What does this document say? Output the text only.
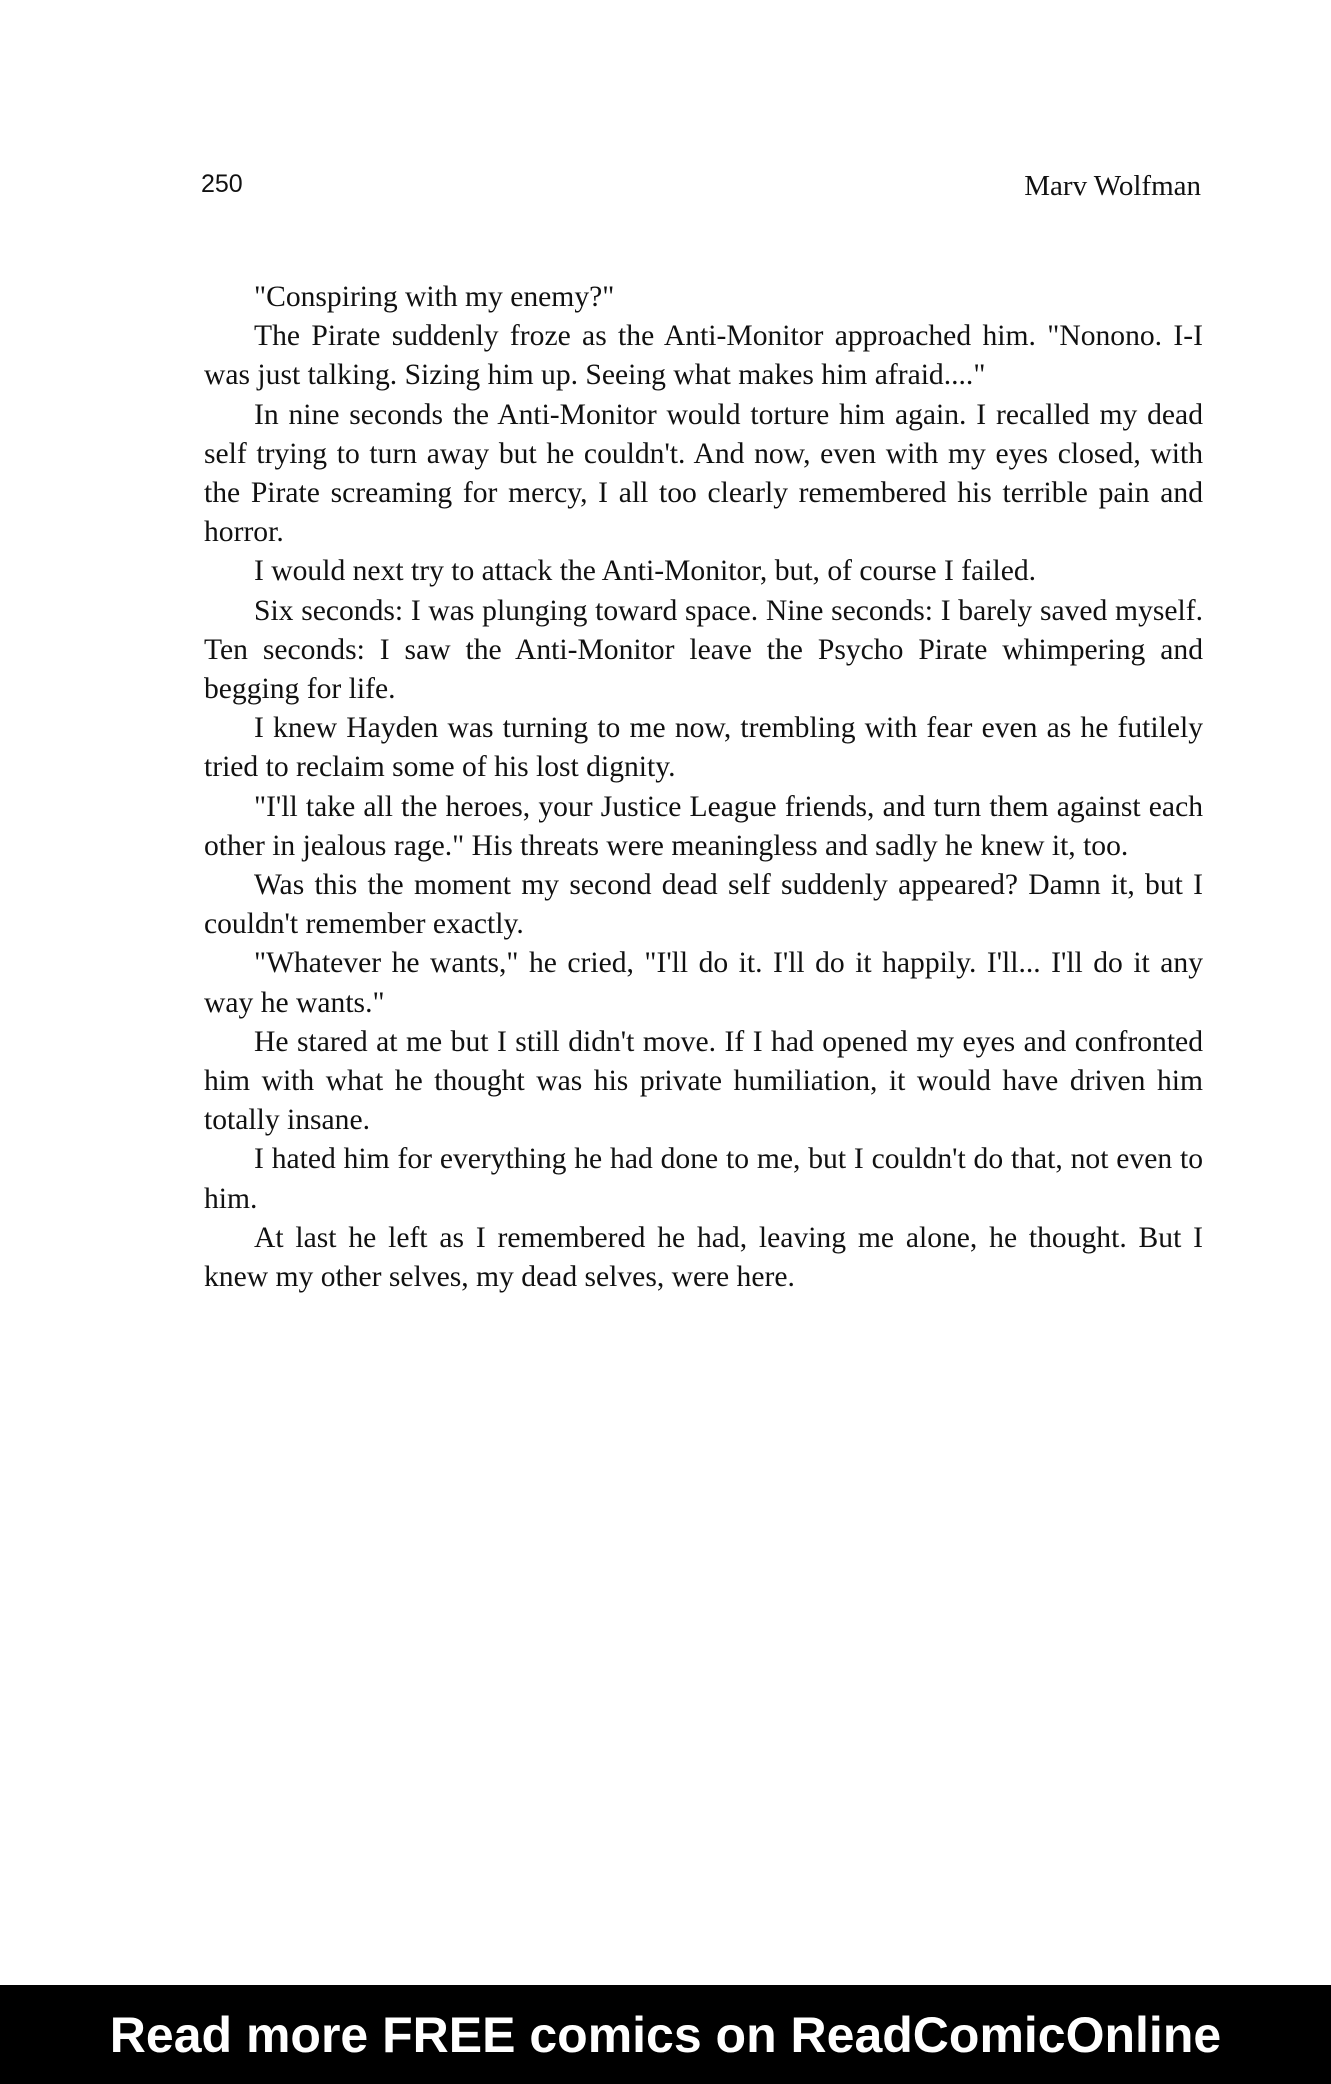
250	Marv Wolfman

"Conspiring with my enemy?"

The Pirate suddenly froze as the Anti-Monitor approached him. "Nonono. I-I was just talking. Sizing him up. Seeing what makes him afraid...."

In nine seconds the Anti-Monitor would torture him again. I recalled my dead self trying to turn away but he couldn't. And now, even with my eyes closed, with the Pirate screaming for mercy, I all too clearly remembered his terrible pain and horror.

I would next try to attack the Anti-Monitor, but, of course I failed.

Six seconds: I was plunging toward space. Nine seconds: I barely saved myself. Ten seconds: I saw the Anti-Monitor leave the Psycho Pirate whimpering and begging for life.

I knew Hayden was turning to me now, trembling with fear even as he futilely tried to reclaim some of his lost dignity.

"I'll take all the heroes, your Justice League friends, and turn them against each other in jealous rage." His threats were meaningless and sadly he knew it, too.

Was this the moment my second dead self suddenly appeared? Damn it, but I couldn't remember exactly.

"Whatever he wants," he cried, "I'll do it. I'll do it happily. I'll... I'll do it any way he wants."

He stared at me but I still didn't move. If I had opened my eyes and confronted him with what he thought was his private humiliation, it would have driven him totally insane.

I hated him for everything he had done to me, but I couldn't do that, not even to him.

At last he left as I remembered he had, leaving me alone, he thought. But I knew my other selves, my dead selves, were here.

Read more FREE comics on ReadComicOnline
